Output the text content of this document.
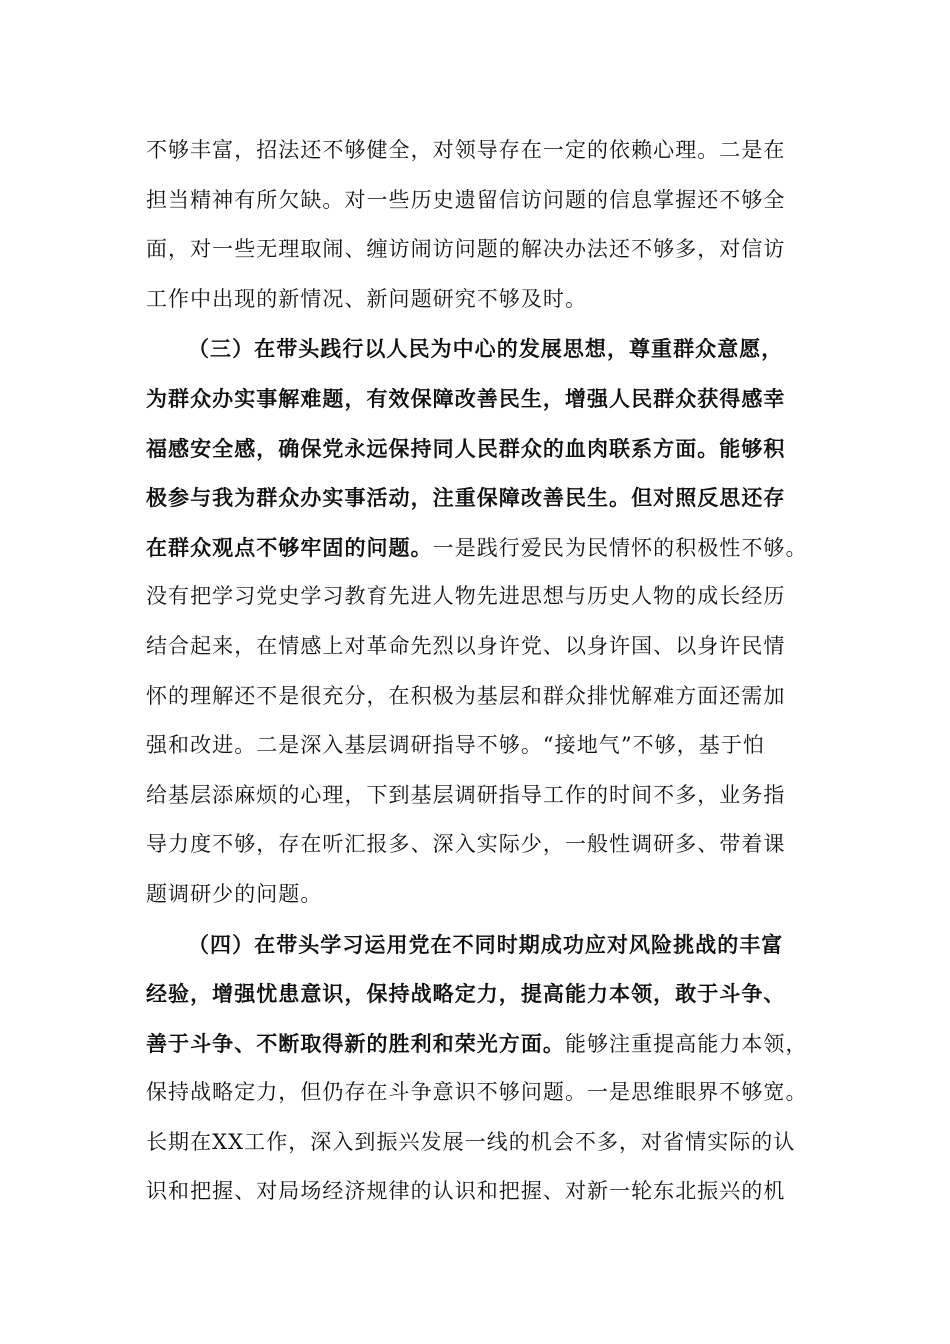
不够丰富，招法还不够健全，对领导存在一定的依赖心理。二是在
担当精神有所欠缺。对一些历史遗留信访问题的信息掌握还不够全
面，对一些无理取闹、缠访闹访问题的解决办法还不够多，对信访
工作中出现的新情况、新问题研究不够及时。
（三）在带头践行以人民为中心的发展思想，尊重群众意愿，
为群众办实事解难题，有效保障改善民生，增强人民群众获得感幸
福感安全感，确保党永远保持同人民群众的血肉联系方面。能够积
极参与我为群众办实事活动，注重保障改善民生。但对照反思还存
在群众观点不够牢固的问题。一是践行爱民为民情怀的积极性不够。
没有把学习党史学习教育先进人物先进思想与历史人物的成长经历
结合起来，在情感上对革命先烈以身许党、以身许国、以身许民情
怀的理解还不是很充分，在积极为基层和群众排忧解难方面还需加
强和改进。二是深入基层调研指导不够。“接地气”不够，基于怕
给基层添麻烦的心理，下到基层调研指导工作的时间不多，业务指
导力度不够，存在听汇报多、深入实际少，一般性调研多、带着课
题调研少的问题。
（四）在带头学习运用党在不同时期成功应对风险挑战的丰富
经验，增强忧患意识，保持战略定力，提高能力本领，敢于斗争、
善于斗争、不断取得新的胜利和荣光方面。能够注重提高能力本领，
保持战略定力，但仍存在斗争意识不够问题。一是思维眼界不够宽。
长期在XX工作，深入到振兴发展一线的机会不多，对省情实际的认
识和把握、对局场经济规律的认识和把握、对新一轮东北振兴的机
